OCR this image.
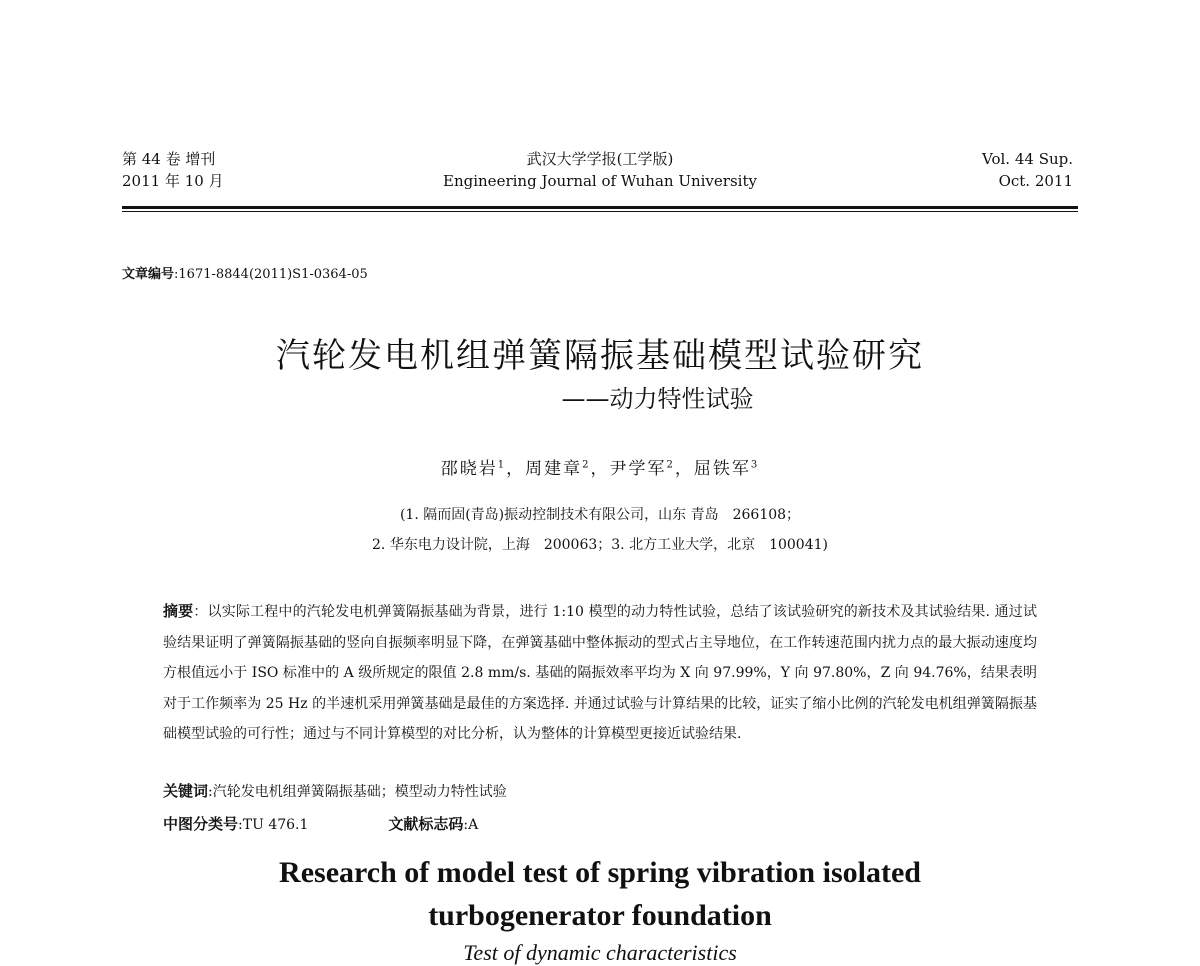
第 44 卷 增刊
2011 年 10 月
武汉大学学报(工学版)
Engineering Journal of Wuhan University
Vol. 44 Sup.
Oct. 2011
文章编号:1671-8844(2011)S1-0364-05
汽轮发电机组弹簧隔振基础模型试验研究
——动力特性试验
邵晓岩$^1$，周建章$^2$，尹学军$^2$，屈铁军$^3$
(1. 隔而固(青岛)振动控制技术有限公司，山东 青岛　266108；
2. 华东电力设计院，上海　200063；3. 北方工业大学，北京　100041)
摘要：以实际工程中的汽轮发电机弹簧隔振基础为背景，进行 1:10 模型的动力特性试验，总结了该试验研究的新技术及其试验结果. 通过试验结果证明了弹簧隔振基础的竖向自振频率明显下降，在弹簧基础中整体振动的型式占主导地位，在工作转速范围内扰力点的最大振动速度均方根值远小于 ISO 标准中的 A 级所规定的限值 2.8 mm/s. 基础的隔振效率平均为 X 向 97.99%，Y 向 97.80%，Z 向 94.76%，结果表明对于工作频率为 25 Hz 的半速机采用弹簧基础是最佳的方案选择. 并通过试验与计算结果的比较，证实了缩小比例的汽轮发电机组弹簧隔振基础模型试验的可行性；通过与不同计算模型的对比分析，认为整体的计算模型更接近试验结果.
关键词:汽轮发电机组弹簧隔振基础；模型动力特性试验
中图分类号:TU 476.1	文献标志码:A
Research of model test of spring vibration isolated
turbogenerator foundation
Test of dynamic characteristics
